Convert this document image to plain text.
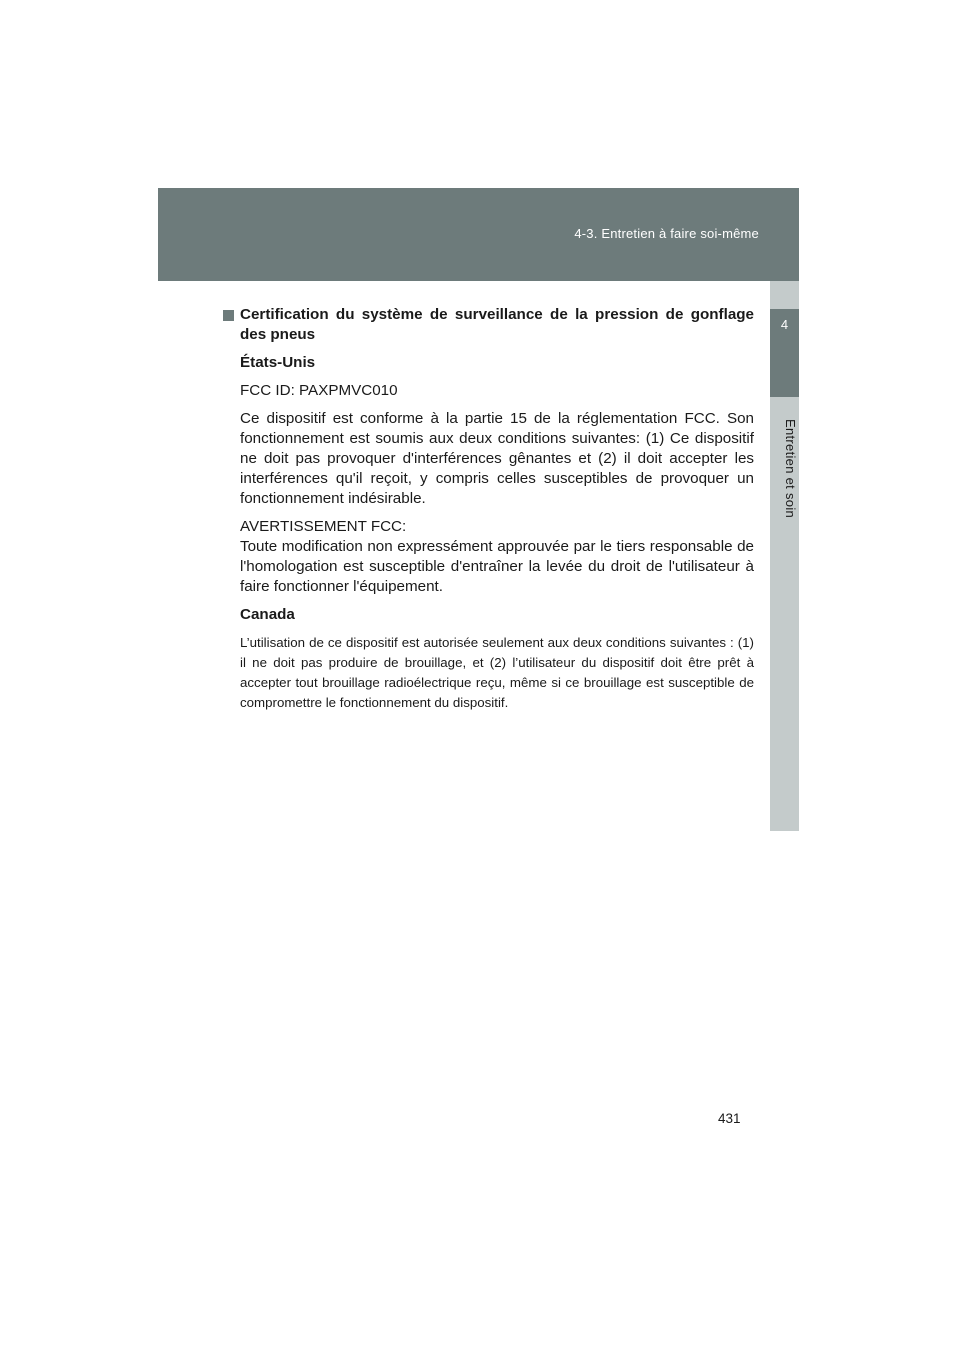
4-3. Entretien à faire soi-même
4
Entretien et soin
Certification du système de surveillance de la pression de gonflage des pneus
États-Unis
FCC ID: PAXPMVC010
Ce dispositif est conforme à la partie 15 de la réglementation FCC. Son fonctionnement est soumis aux deux conditions suivantes: (1) Ce dispositif ne doit pas provoquer d'interférences gênantes et (2) il doit accepter les interférences qu'il reçoit, y compris celles susceptibles de provoquer un fonctionnement indésirable.
AVERTISSEMENT FCC:
Toute modification non expressément approuvée par le tiers responsable de l'homologation est susceptible d'entraîner la levée du droit de l'utilisateur à faire fonctionner l'équipement.
Canada
L’utilisation de ce dispositif est autorisée seulement aux deux conditions suivantes : (1) il ne doit pas produire de brouillage, et (2) l’utilisateur du dispositif doit être prêt à accepter tout brouillage radioélectrique reçu, même si ce brouillage est susceptible de compromettre le fonctionnement du dispositif.
431
